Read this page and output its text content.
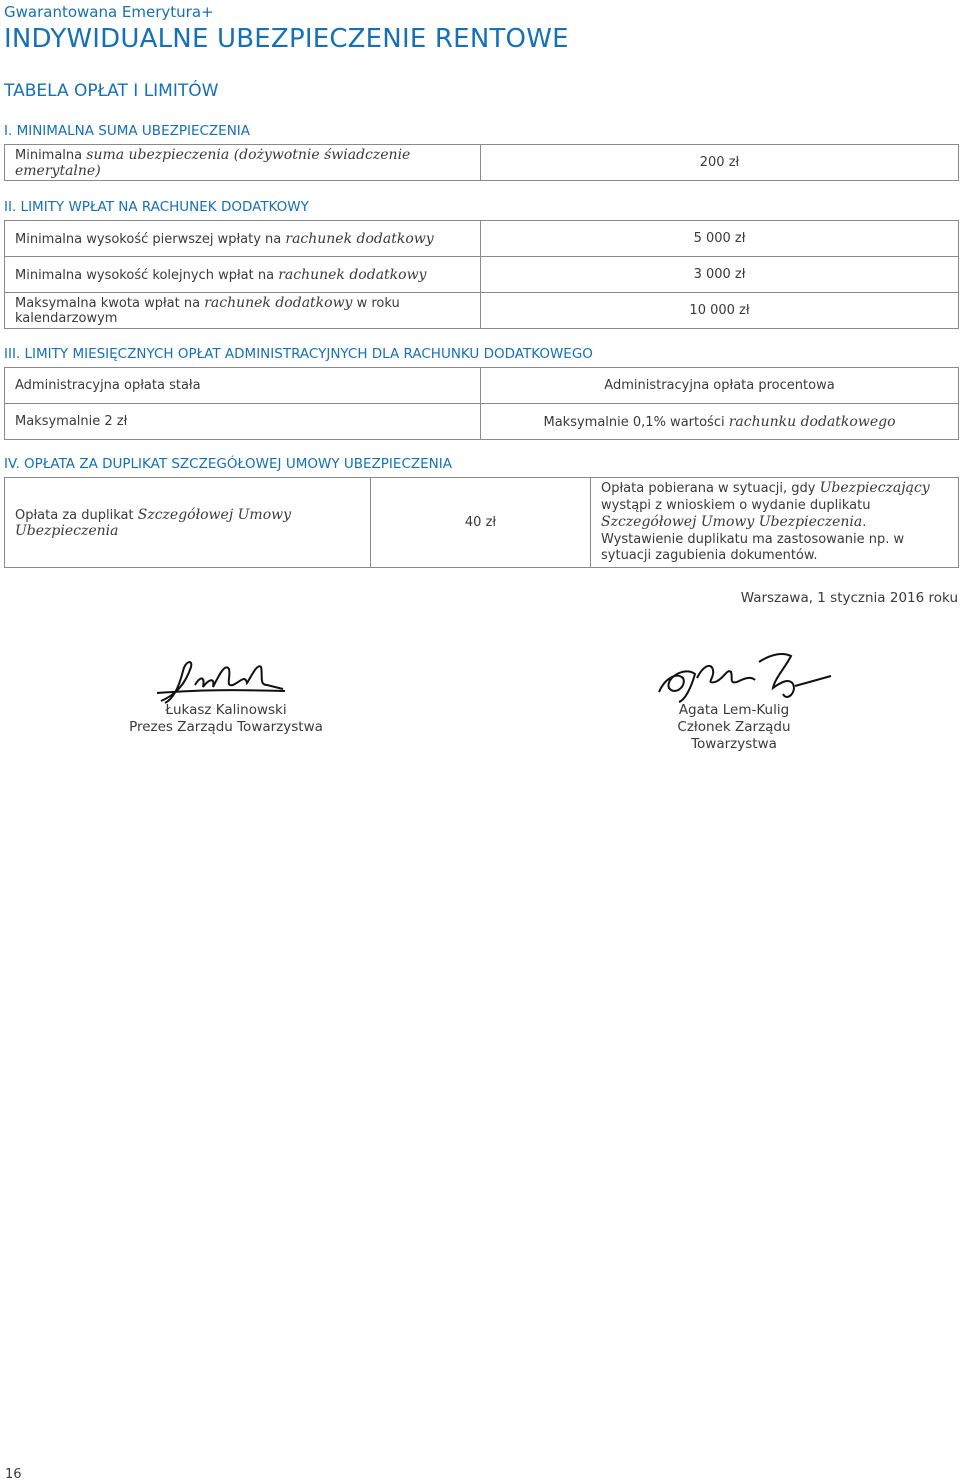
Gwarantowana Emerytura+
INDYWIDUALNE UBEZPIECZENIE RENTOWE
TABELA OPŁAT I LIMITÓW
I. MINIMALNA SUMA UBEZPIECZENIA
Minimalna suma ubezpieczenia (dożywotnie świadczenie emerytalne)	200 zł
II. LIMITY WPŁAT NA RACHUNEK DODATKOWY
Minimalna wysokość pierwszej wpłaty na rachunek dodatkowy	5 000 zł
Minimalna wysokość kolejnych wpłat na rachunek dodatkowy	3 000 zł
Maksymalna kwota wpłat na rachunek dodatkowy w roku kalendarzowym	10 000 zł
III. LIMITY MIESIĘCZNYCH OPŁAT ADMINISTRACYJNYCH DLA RACHUNKU DODATKOWEGO
Administracyjna opłata stała	Administracyjna opłata procentowa
Maksymalnie 2 zł	Maksymalnie 0,1% wartości rachunku dodatkowego
IV. OPŁATA ZA DUPLIKAT SZCZEGÓŁOWEJ UMOWY UBEZPIECZENIA
Opłata za duplikat Szczegółowej Umowy Ubezpieczenia	40 zł	Opłata pobierana w sytuacji, gdy Ubezpieczający wystąpi z wnioskiem o wydanie duplikatu Szczegółowej Umowy Ubezpieczenia. Wystawienie duplikatu ma zastosowanie np. w sytuacji zagubienia dokumentów.
Warszawa, 1 stycznia 2016 roku
Łukasz Kalinowski
Prezes Zarządu Towarzystwa
Agata Lem-Kulig
Członek Zarządu Towarzystwa
16
